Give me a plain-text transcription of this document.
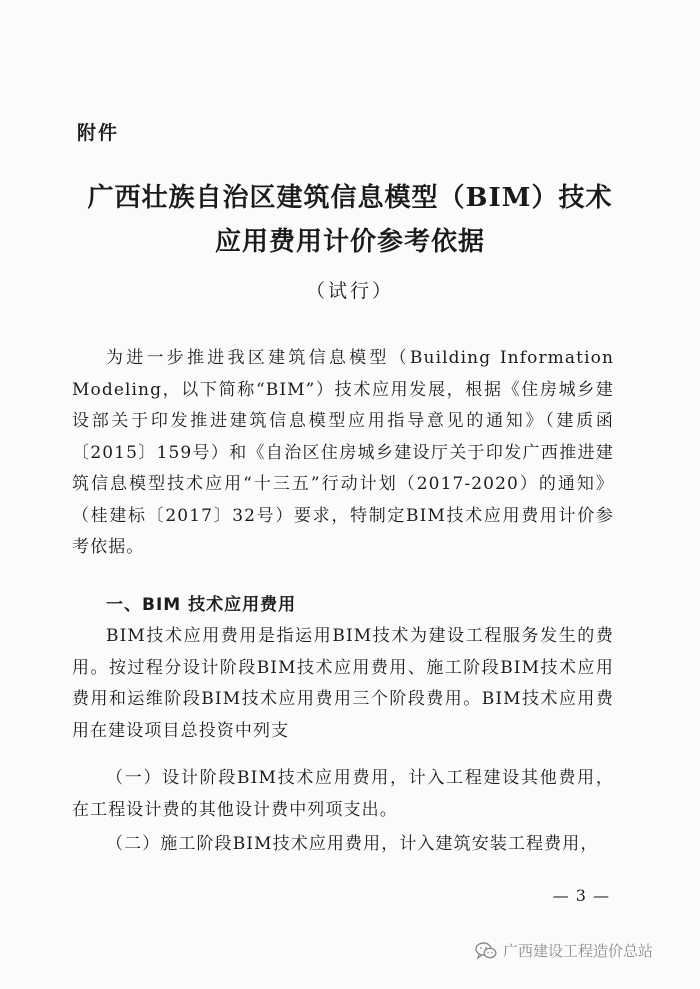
附件
广西壮族自治区建筑信息模型（BIM）技术
应用费用计价参考依据
（试行）
为进一步推进我区建筑信息模型（Building Information Modeling，以下简称“BIM”）技术应用发展，根据《住房城乡建设部关于印发推进建筑信息模型应用指导意见的通知》（建质函〔2015〕159号）和《自治区住房城乡建设厅关于印发广西推进建筑信息模型技术应用“十三五”行动计划（2017-2020）的通知》（桂建标〔2017〕32号）要求，特制定BIM技术应用费用计价参考依据。
一、BIM 技术应用费用
BIM技术应用费用是指运用BIM技术为建设工程服务发生的费用。按过程分设计阶段BIM技术应用费用、施工阶段BIM技术应用费用和运维阶段BIM技术应用费用三个阶段费用。BIM技术应用费用在建设项目总投资中列支
（一）设计阶段BIM技术应用费用，计入工程建设其他费用，在工程设计费的其他设计费中列项支出。
（二）施工阶段BIM技术应用费用，计入建筑安装工程费用，
— 3 —
广西建设工程造价总站
